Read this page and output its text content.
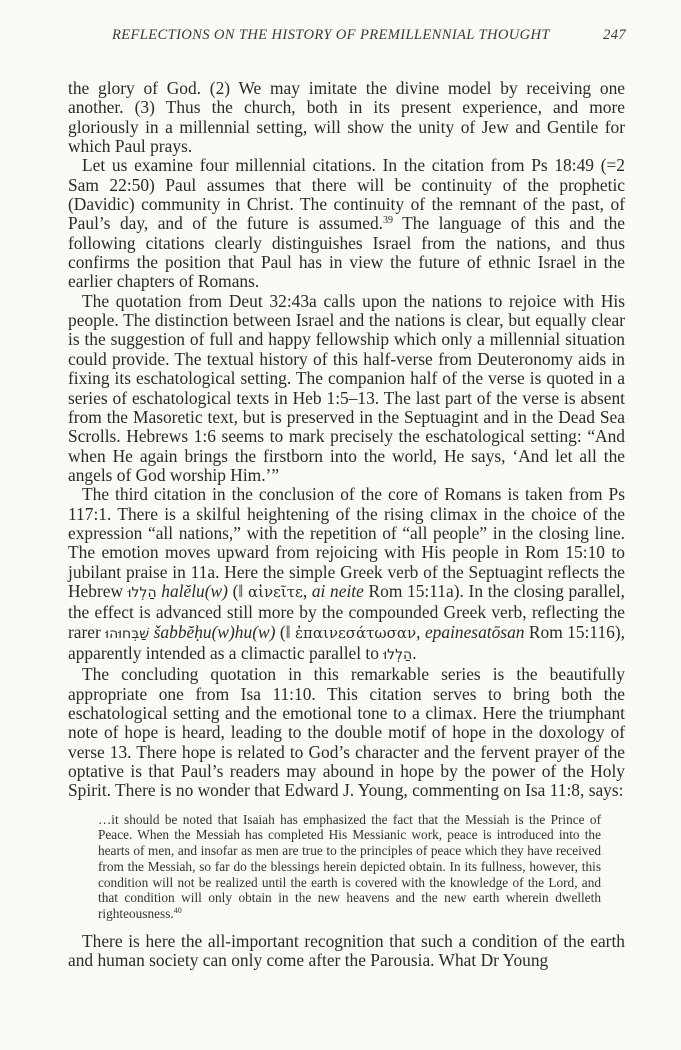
REFLECTIONS ON THE HISTORY OF PREMILLENNIAL THOUGHT	247

the glory of God. (2) We may imitate the divine model by receiving one another. (3) Thus the church, both in its present experience, and more gloriously in a millennial setting, will show the unity of Jew and Gentile for which Paul prays.

Let us examine four millennial citations. In the citation from Ps 18:49 (=2 Sam 22:50) Paul assumes that there will be continuity of the prophetic (Davidic) community in Christ. The continuity of the remnant of the past, of Paul’s day, and of the future is assumed.$^{39}$ The language of this and the following citations clearly distinguishes Israel from the nations, and thus confirms the position that Paul has in view the future of ethnic Israel in the earlier chapters of Romans.

The quotation from Deut 32:43a calls upon the nations to rejoice with His people. The distinction between Israel and the nations is clear, but equally clear is the suggestion of full and happy fellowship which only a millennial situation could provide. The textual history of this half-verse from Deuteronomy aids in fixing its eschatological setting. The companion half of the verse is quoted in a series of eschatological texts in Heb 1:5–13. The last part of the verse is absent from the Masoretic text, but is preserved in the Septuagint and in the Dead Sea Scrolls. Hebrews 1:6 seems to mark precisely the eschatological setting: “And when He again brings the firstborn into the world, He says, ‘And let all the angels of God worship Him.’”

The third citation in the conclusion of the core of Romans is taken from Ps 117:1. There is a skilful heightening of the rising climax in the choice of the expression “all nations,” with the repetition of “all people” in the closing line. The emotion moves upward from rejoicing with His people in Rom 15:10 to jubilant praise in 11a. Here the simple Greek verb of the Septuagint reflects the Hebrew הַלְלוּ halĕlu(w) (‖ αἰνεῖτε, ai neite Rom 15:11a). In the closing parallel, the effect is advanced still more by the compounded Greek verb, reflecting the rarer שַׁבְּחוּהוּ šabbĕḥu(w)hu(w) (‖ ἐπαινεσάτωσαν, epainesatōsan Rom 15:116), apparently intended as a climactic parallel to הַלְלוּ.

The concluding quotation in this remarkable series is the beautifully appropriate one from Isa 11:10. This citation serves to bring both the eschatological setting and the emotional tone to a climax. Here the triumphant note of hope is heard, leading to the double motif of hope in the doxology of verse 13. There hope is related to God’s character and the fervent prayer of the optative is that Paul’s readers may abound in hope by the power of the Holy Spirit. There is no wonder that Edward J. Young, commenting on Isa 11:8, says:

…it should be noted that Isaiah has emphasized the fact that the Messiah is the Prince of Peace. When the Messiah has completed His Messianic work, peace is introduced into the hearts of men, and insofar as men are true to the principles of peace which they have received from the Messiah, so far do the blessings herein depicted obtain. In its fullness, however, this condition will not be realized until the earth is covered with the knowledge of the Lord, and that condition will only obtain in the new heavens and the new earth wherein dwelleth righteousness.$^{40}$

There is here the all-important recognition that such a condition of the earth and human society can only come after the Parousia. What Dr Young
